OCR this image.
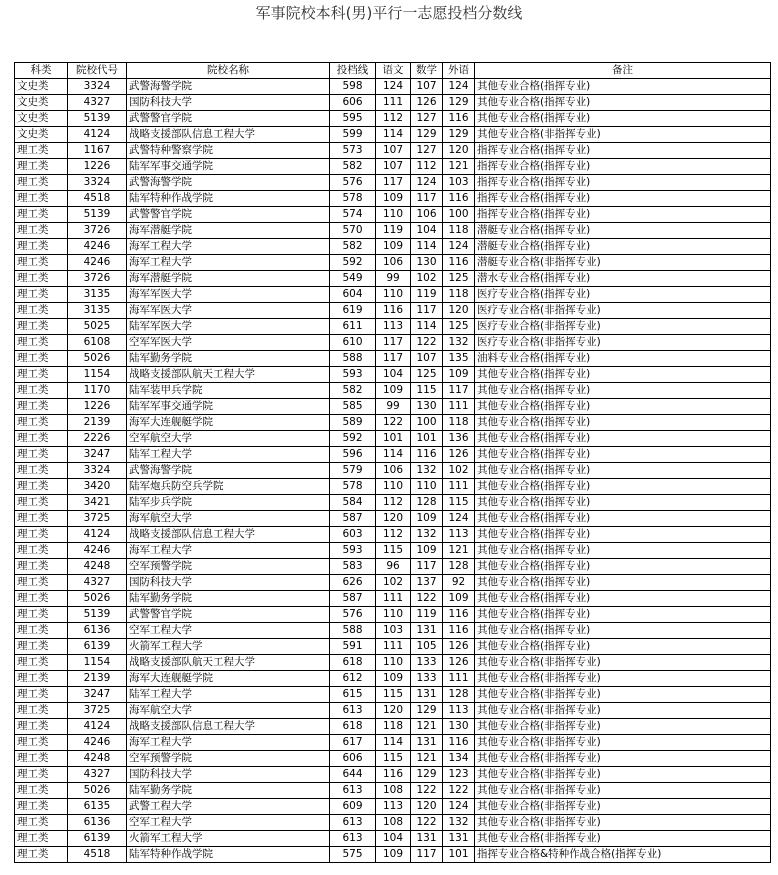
军事院校本科(男)平行一志愿投档分数线
科类	院校代号	院校名称	投档线	语文	数学	外语	备注
文史类	3324	武警海警学院	598	124	107	124	其他专业合格(指挥专业)
文史类	4327	国防科技大学	606	111	126	129	其他专业合格(指挥专业)
文史类	5139	武警警官学院	595	112	127	116	其他专业合格(指挥专业)
文史类	4124	战略支援部队信息工程大学	599	114	129	129	其他专业合格(非指挥专业)
理工类	1167	武警特种警察学院	573	107	127	120	指挥专业合格(指挥专业)
理工类	1226	陆军军事交通学院	582	107	112	121	指挥专业合格(指挥专业)
理工类	3324	武警海警学院	576	117	124	103	指挥专业合格(指挥专业)
理工类	4518	陆军特种作战学院	578	109	117	116	指挥专业合格(指挥专业)
理工类	5139	武警警官学院	574	110	106	100	指挥专业合格(指挥专业)
理工类	3726	海军潜艇学院	570	119	104	118	潜艇专业合格(指挥专业)
理工类	4246	海军工程大学	582	109	114	124	潜艇专业合格(指挥专业)
理工类	4246	海军工程大学	592	106	130	116	潜艇专业合格(非指挥专业)
理工类	3726	海军潜艇学院	549	99	102	125	潜水专业合格(指挥专业)
理工类	3135	海军军医大学	604	110	119	118	医疗专业合格(指挥专业)
理工类	3135	海军军医大学	619	116	117	120	医疗专业合格(非指挥专业)
理工类	5025	陆军军医大学	611	113	114	125	医疗专业合格(非指挥专业)
理工类	6108	空军军医大学	610	117	122	132	医疗专业合格(非指挥专业)
理工类	5026	陆军勤务学院	588	117	107	135	油料专业合格(指挥专业)
理工类	1154	战略支援部队航天工程大学	593	104	125	109	其他专业合格(指挥专业)
理工类	1170	陆军装甲兵学院	582	109	115	117	其他专业合格(指挥专业)
理工类	1226	陆军军事交通学院	585	99	130	111	其他专业合格(指挥专业)
理工类	2139	海军大连舰艇学院	589	122	100	118	其他专业合格(指挥专业)
理工类	2226	空军航空大学	592	101	101	136	其他专业合格(指挥专业)
理工类	3247	陆军工程大学	596	114	116	126	其他专业合格(指挥专业)
理工类	3324	武警海警学院	579	106	132	102	其他专业合格(指挥专业)
理工类	3420	陆军炮兵防空兵学院	578	110	110	111	其他专业合格(指挥专业)
理工类	3421	陆军步兵学院	584	112	128	115	其他专业合格(指挥专业)
理工类	3725	海军航空大学	587	120	109	124	其他专业合格(指挥专业)
理工类	4124	战略支援部队信息工程大学	603	112	132	113	其他专业合格(指挥专业)
理工类	4246	海军工程大学	593	115	109	121	其他专业合格(指挥专业)
理工类	4248	空军预警学院	583	96	117	128	其他专业合格(指挥专业)
理工类	4327	国防科技大学	626	102	137	92	其他专业合格(指挥专业)
理工类	5026	陆军勤务学院	587	111	122	109	其他专业合格(指挥专业)
理工类	5139	武警警官学院	576	110	119	116	其他专业合格(指挥专业)
理工类	6136	空军工程大学	588	103	131	116	其他专业合格(指挥专业)
理工类	6139	火箭军工程大学	591	111	105	126	其他专业合格(指挥专业)
理工类	1154	战略支援部队航天工程大学	618	110	133	126	其他专业合格(非指挥专业)
理工类	2139	海军大连舰艇学院	612	109	133	111	其他专业合格(非指挥专业)
理工类	3247	陆军工程大学	615	115	131	128	其他专业合格(非指挥专业)
理工类	3725	海军航空大学	613	120	129	113	其他专业合格(非指挥专业)
理工类	4124	战略支援部队信息工程大学	618	118	121	130	其他专业合格(非指挥专业)
理工类	4246	海军工程大学	617	114	131	116	其他专业合格(非指挥专业)
理工类	4248	空军预警学院	606	115	121	134	其他专业合格(非指挥专业)
理工类	4327	国防科技大学	644	116	129	123	其他专业合格(非指挥专业)
理工类	5026	陆军勤务学院	613	108	122	122	其他专业合格(非指挥专业)
理工类	6135	武警工程大学	609	113	120	124	其他专业合格(非指挥专业)
理工类	6136	空军工程大学	613	108	122	132	其他专业合格(非指挥专业)
理工类	6139	火箭军工程大学	613	104	131	131	其他专业合格(非指挥专业)
理工类	4518	陆军特种作战学院	575	109	117	101	指挥专业合格&特种作战合格(指挥专业)
